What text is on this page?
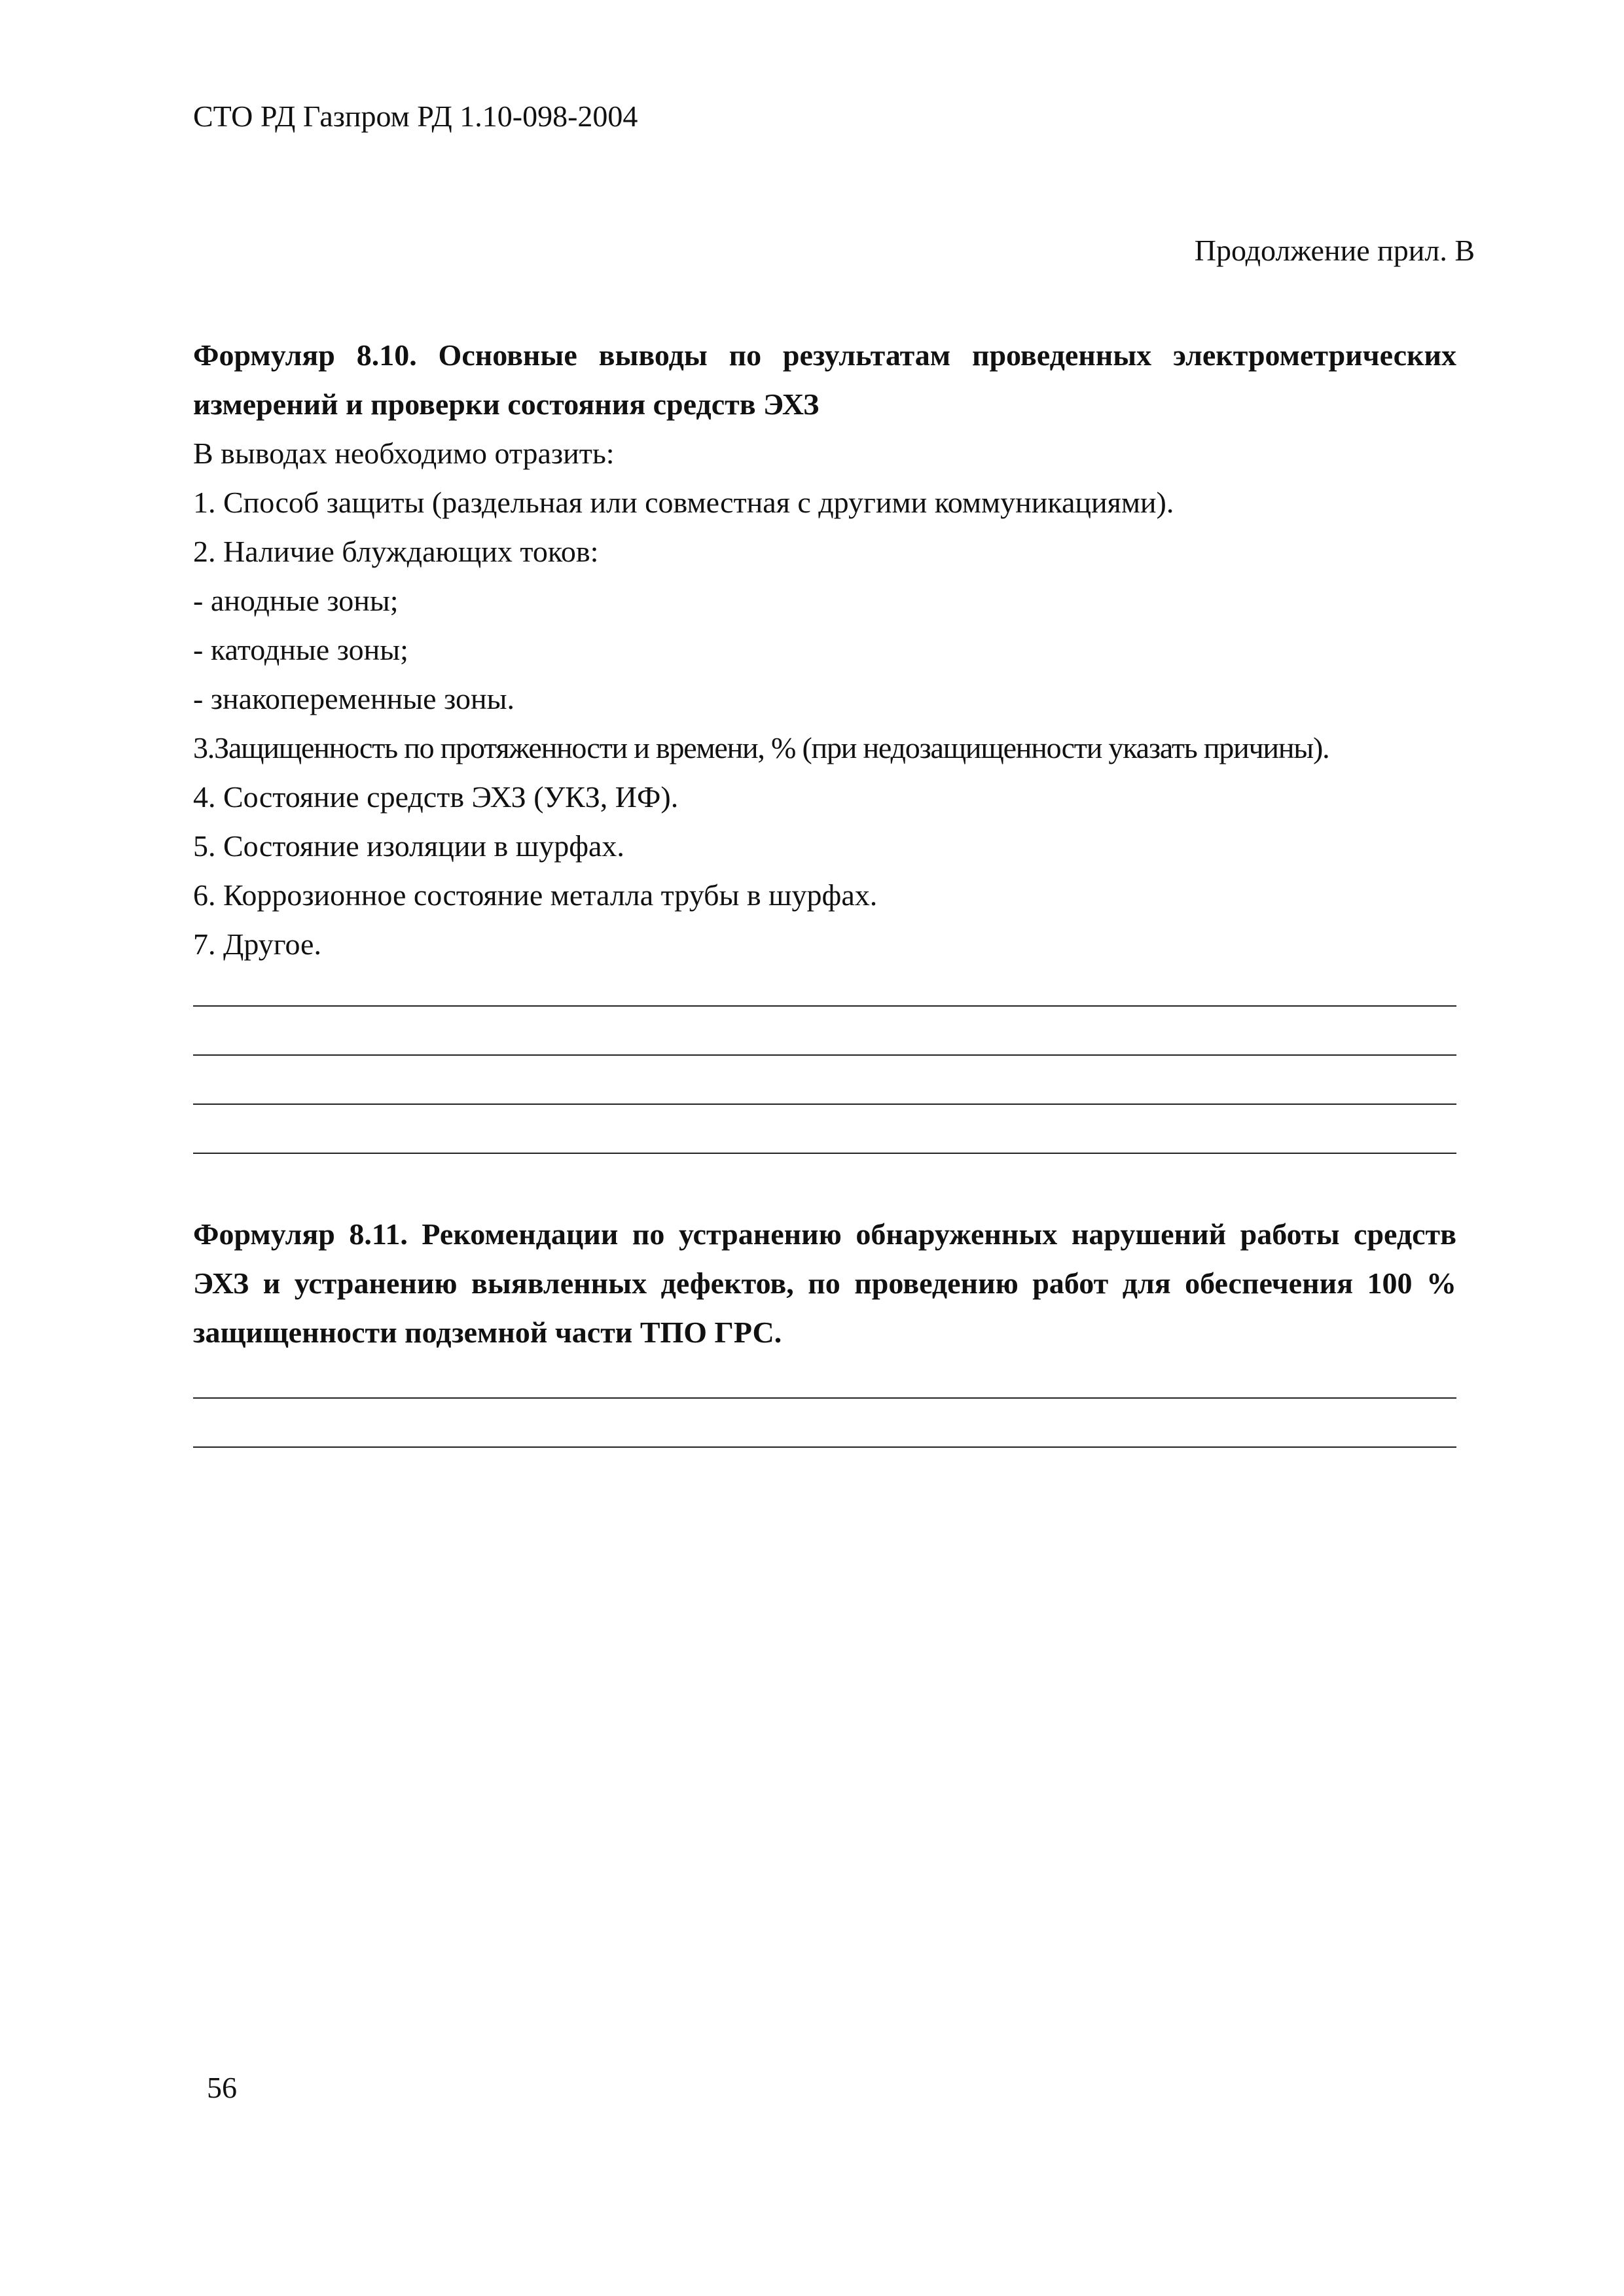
СТО РД Газпром РД 1.10-098-2004
Продолжение прил. В

Формуляр 8.10. Основные выводы по результатам проведенных электрометрических измерений и проверки состояния средств ЭХЗ

В выводах необходимо отразить:

1. Способ защиты (раздельная или совместная с другими коммуникациями).

2. Наличие блуждающих токов:

- анодные зоны;

- катодные зоны;

- знакопеременные зоны.

3.Защищенность по протяженности и времени, % (при недозащищенности указать причины).

4. Состояние средств ЭХЗ (УКЗ, ИФ).

5. Состояние изоляции в шурфах.

6. Коррозионное состояние металла трубы в шурфах.

7. Другое.

Формуляр 8.11. Рекомендации по устранению обнаруженных нарушений работы средств ЭХЗ и устранению выявленных дефектов, по проведению работ для обеспечения 100 % защищенности подземной части ТПО ГРС.

56
